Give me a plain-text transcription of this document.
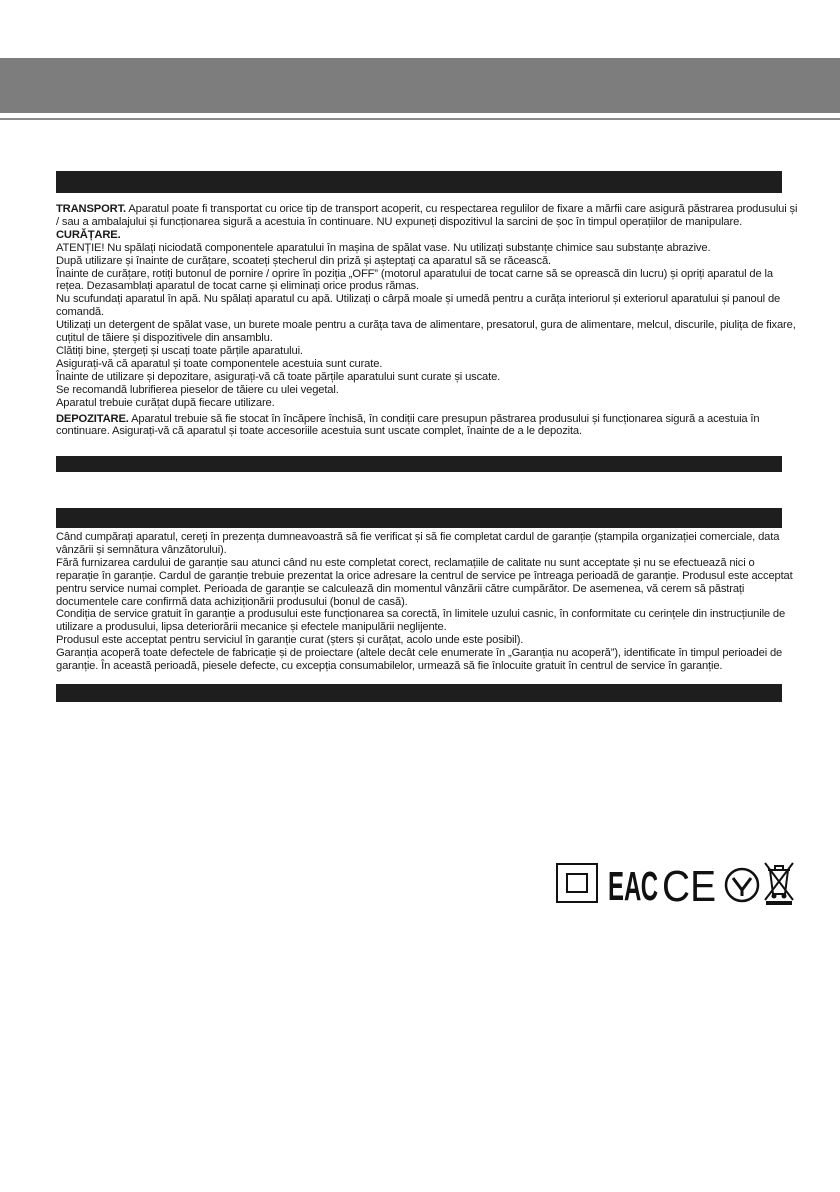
TRANSPORT. Aparatul poate fi transportat cu orice tip de transport acoperit, cu respectarea regulilor de fixare a mărfii care asigură păstrarea produsului și / sau a ambalajului și funcționarea sigură a acestuia în continuare. NU expuneți dispozitivul la sarcini de șoc în timpul operațiilor de manipulare.

CURĂȚARE.

ATENȚIE! Nu spălați niciodată componentele aparatului în mașina de spălat vase. Nu utilizați substanțe chimice sau substanțe abrazive.

După utilizare și înainte de curățare, scoateți ștecherul din priză și așteptați ca aparatul să se răcească.

Înainte de curățare, rotiți butonul de pornire / oprire în poziția „OFF” (motorul aparatului de tocat carne să se oprească din lucru) și opriți aparatul de la rețea. Dezasamblați aparatul de tocat carne și eliminați orice produs rămas.

Nu scufundați aparatul în apă. Nu spălați aparatul cu apă. Utilizați o cârpă moale și umedă pentru a curăța interiorul și exteriorul aparatului și panoul de comandă.

Utilizați un detergent de spălat vase, un burete moale pentru a curăța tava de alimentare, presatorul, gura de alimentare, melcul, discurile, piulița de fixare, cuțitul de tăiere și dispozitivele din ansamblu.

Clătiți bine, ștergeți și uscați toate părțile aparatului.

Asigurați-vă că aparatul și toate componentele acestuia sunt curate.

Înainte de utilizare și depozitare, asigurați-vă că toate părțile aparatului sunt curate și uscate.

Se recomandă lubrifierea pieselor de tăiere cu ulei vegetal.

Aparatul trebuie curățat după fiecare utilizare.

DEPOZITARE. Aparatul trebuie să fie stocat în încăpere închisă, în condiții care presupun păstrarea produsului și funcționarea sigură a acestuia în continuare. Asigurați-vă că aparatul și toate accesoriile acestuia sunt uscate complet, înainte de a le depozita.

Când cumpărați aparatul, cereți în prezența dumneavoastră să fie verificat și să fie completat cardul de garanție (ștampila organizației comerciale, data vânzării și semnătura vânzătorului).

Fără furnizarea cardului de garanție sau atunci când nu este completat corect, reclamațiile de calitate nu sunt acceptate și nu se efectuează nici o reparație în garanție. Cardul de garanție trebuie prezentat la orice adresare la centrul de service pe întreaga perioadă de garanție. Produsul este acceptat pentru service numai complet. Perioada de garanție se calculează din momentul vânzării către cumpărător. De asemenea, vă cerem să păstrați documentele care confirmă data achiziționării produsului (bonul de casă).

Condiția de service gratuit în garanție a produsului este funcționarea sa corectă, în limitele uzului casnic, în conformitate cu cerințele din instrucțiunile de utilizare a produsului, lipsa deteriorării mecanice și efectele manipulării neglijente.

Produsul este acceptat pentru serviciul în garanție curat (șters și curățat, acolo unde este posibil).

Garanția acoperă toate defectele de fabricație și de proiectare (altele decât cele enumerate în „Garanția nu acoperă”), identificate în timpul perioadei de garanție. În această perioadă, piesele defecte, cu excepția consumabilelor, urmează să fie înlocuite gratuit în centrul de service în garanție.

ЕАС CE
